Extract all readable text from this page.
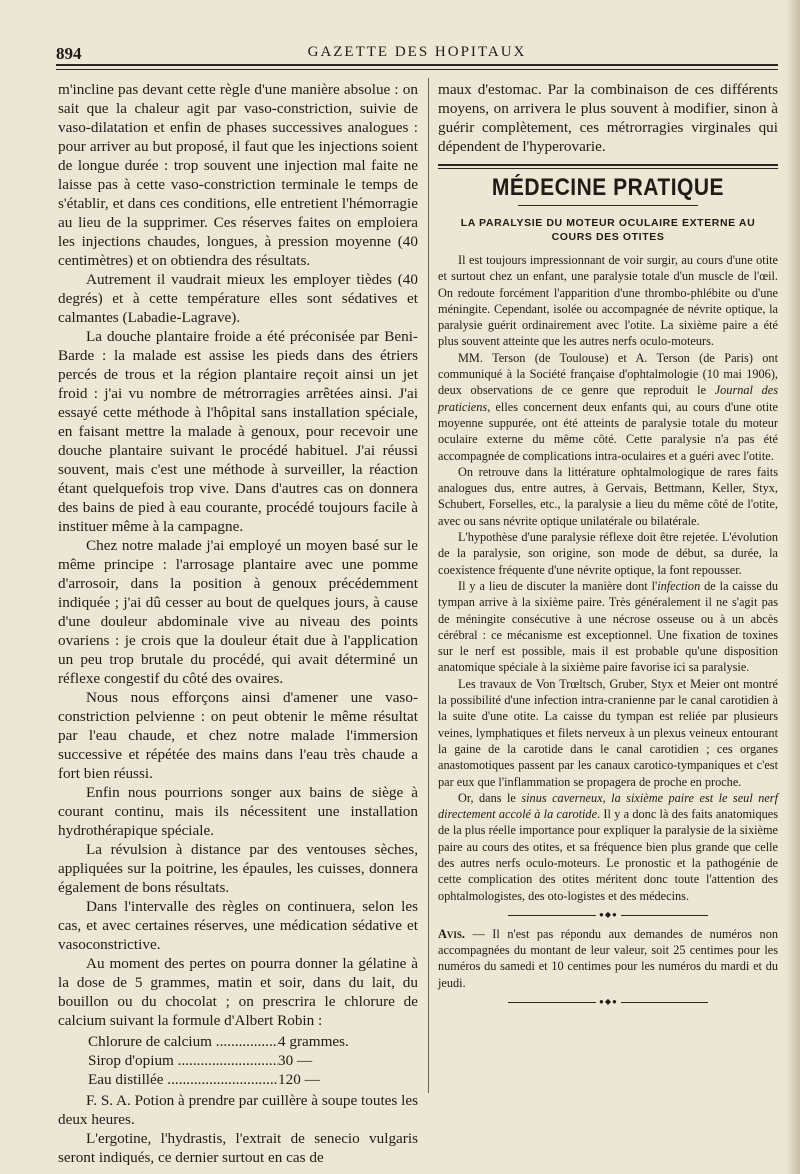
894	GAZETTE DES HOPITAUX

m'incline pas devant cette règle d'une manière absolue : on sait que la chaleur agit par vaso-constriction, suivie de vaso-dilatation et enfin de phases successives analogues : pour arriver au but proposé, il faut que les injections soient de longue durée : trop souvent une injection mal faite ne laisse pas à cette vaso-constriction terminale le temps de s'établir, et dans ces conditions, elle entretient l'hémorragie au lieu de la supprimer. Ces réserves faites on emploiera les injections chaudes, longues, à pression moyenne (40 centimètres) et on obtiendra des résultats.

Autrement il vaudrait mieux les employer tièdes (40 degrés) et à cette température elles sont sédatives et calmantes (Labadie-Lagrave).

La douche plantaire froide a été préconisée par Beni-Barde : la malade est assise les pieds dans des étriers percés de trous et la région plantaire reçoit ainsi un jet froid : j'ai vu nombre de métrorragies arrêtées ainsi. J'ai essayé cette méthode à l'hôpital sans installation spéciale, en faisant mettre la malade à genoux, pour recevoir une douche plantaire suivant le procédé habituel. J'ai réussi souvent, mais c'est une méthode à surveiller, la réaction étant quelquefois trop vive. Dans d'autres cas on donnera des bains de pied à eau courante, procédé toujours facile à instituer même à la campagne.

Chez notre malade j'ai employé un moyen basé sur le même principe : l'arrosage plantaire avec une pomme d'arrosoir, dans la position à genoux précédemment indiquée ; j'ai dû cesser au bout de quelques jours, à cause d'une douleur abdominale vive au niveau des points ovariens : je crois que la douleur était due à l'application un peu trop brutale du procédé, qui avait déterminé un réflexe congestif du côté des ovaires.

Nous nous efforçons ainsi d'amener une vaso-constriction pelvienne : on peut obtenir le même résultat par l'eau chaude, et chez notre malade l'immersion successive et répétée des mains dans l'eau très chaude a fort bien réussi.

Enfin nous pourrions songer aux bains de siège à courant continu, mais ils nécessitent une installation hydrothérapique spéciale.

La révulsion à distance par des ventouses sèches, appliquées sur la poitrine, les épaules, les cuisses, donnera également de bons résultats.

Dans l'intervalle des règles on continuera, selon les cas, et avec certaines réserves, une médication sédative et vasoconstrictive.

Au moment des pertes on pourra donner la gélatine à la dose de 5 grammes, matin et soir, dans du lait, du bouillon ou du chocolat ; on prescrira le chlorure de calcium suivant la formule d'Albert Robin :

Chlorure de calcium .....	4 grammes.
Sirop d'opium .....	30 —
Eau distillée .....	120 —

F. S. A. Potion à prendre par cuillère à soupe toutes les deux heures.

L'ergotine, l'hydrastis, l'extrait de senecio vulgaris seront indiqués, ce dernier surtout en cas de

maux d'estomac. Par la combinaison de ces différents moyens, on arrivera le plus souvent à modifier, sinon à guérir complètement, ces métrorragies virginales qui dépendent de l'hyperovarie.

MÉDECINE PRATIQUE
LA PARALYSIE DU MOTEUR OCULAIRE EXTERNE AU COURS DES OTITES

Il est toujours impressionnant de voir surgir, au cours d'une otite et surtout chez un enfant, une paralysie totale d'un muscle de l'œil. On redoute forcément l'apparition d'une thrombo-phlébite ou d'une méningite. Cependant, isolée ou accompagnée de névrite optique, la paralysie guérit ordinairement avec l'otite. La sixième paire a été plus souvent atteinte que les autres nerfs oculo-moteurs.

MM. Terson (de Toulouse) et A. Terson (de Paris) ont communiqué à la Société française d'ophtalmologie (10 mai 1906), deux observations de ce genre que reproduit le Journal des praticiens, elles concernent deux enfants qui, au cours d'une otite moyenne suppurée, ont été atteints de paralysie totale du moteur oculaire externe du même côté. Cette paralysie n'a pas été accompagnée de complications intra-oculaires et a guéri avec l'otite.

On retrouve dans la littérature ophtalmologique de rares faits analogues dus, entre autres, à Gervais, Bettmann, Keller, Styx, Schubert, Forselles, etc., la paralysie a lieu du même côté de l'otite, avec ou sans névrite optique unilatérale ou bilatérale.

L'hypothèse d'une paralysie réflexe doit être rejetée. L'évolution de la paralysie, son origine, son mode de début, sa durée, la coexistence fréquente d'une névrite optique, la font repousser.

Il y a lieu de discuter la manière dont l'infection de la caisse du tympan arrive à la sixième paire. Très généralement il ne s'agit pas de méningite consécutive à une nécrose osseuse ou à un abcès cérébral : ce mécanisme est exceptionnel. Une fixation de toxines sur le nerf est possible, mais il est probable qu'une disposition anatomique spéciale à la sixième paire favorise ici sa paralysie.

Les travaux de Von Trœltsch, Gruber, Styx et Meier ont montré la possibilité d'une infection intra-cranienne par le canal carotidien à la suite d'une otite. La caisse du tympan est reliée par plusieurs veines, lymphatiques et filets nerveux à un plexus veineux entourant la gaine de la carotide dans le canal carotidien ; ces organes anastomotiques passent par les canaux carotico-tympaniques et c'est par eux que l'inflammation se propagera de proche en proche.

Or, dans le sinus caverneux, la sixième paire est le seul nerf directement accolé à la carotide. Il y a donc là des faits anatomiques de la plus réelle importance pour expliquer la paralysie de la sixième paire au cours des otites, et sa fréquence bien plus grande que celle des autres nerfs oculo-moteurs. Le pronostic et la pathogénie de cette complication des otites méritent donc toute l'attention des ophtalmologistes, des oto-logistes et des médecins.

●◆●

Avis. — Il n'est pas répondu aux demandes de numéros non accompagnées du montant de leur valeur, soit 25 centimes pour les numéros du samedi et 10 centimes pour les numéros du mardi et du jeudi.

●◆●
